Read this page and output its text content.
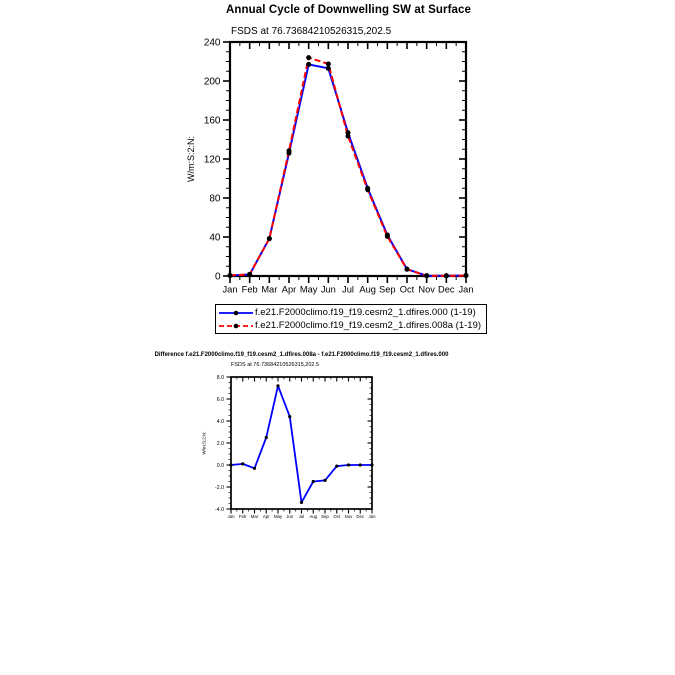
Annual Cycle of Downwelling SW at Surface
FSDS at 76.73684210526315,202.5
W/m:S:2:N:
Jan Feb Mar Apr May Jun Jul Aug Sep Oct Nov Dec Jan
0
40
80
120
160
200
240
f.e21.F2000climo.f19_f19.cesm2_1.dfires.000 (1-19)
f.e21.F2000climo.f19_f19.cesm2_1.dfires.008a (1-19)
Difference f.e21.F2000climo.f19_f19.cesm2_1.dfires.008a - f.e21.F2000climo.f19_f19.cesm2_1.dfires.000
FSDS at 76.73684210526315,202.5
W/m:S:2:N:
Jan Feb Mar Apr May Jun Jul Aug Sep Oct Nov Dec Jan
-4.0
-2.0
0.0
2.0
4.0
6.0
8.0
